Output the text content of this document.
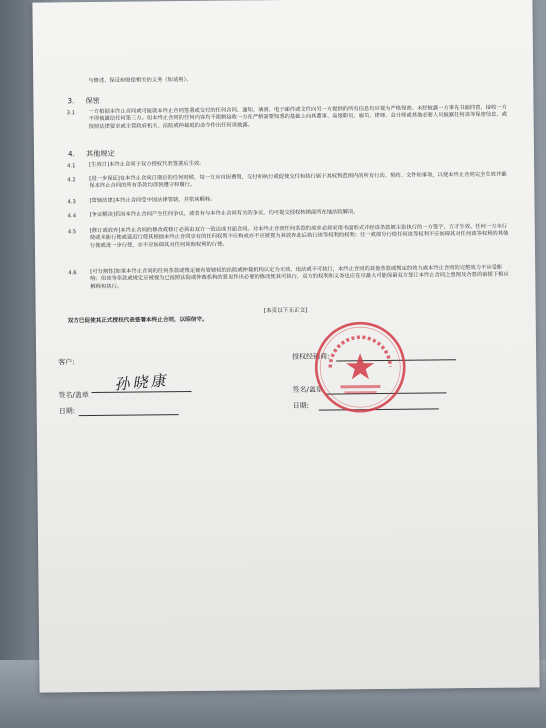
与修述、保证和赔偿相关的义务（如适用）。
3. 保密
3.1	一方根据本终止合同或可能就本终止合同签署或交付的任何合同、通知、请函、电子邮件或文件向另一方提供的所有信息均应视为严格保密。未经披露一方事先书面同意，接收一方不得披露给任何第三方。但本终止合同的任何内容均不限制接收一方在严格需要知悉的基础上向其董事、高级职员、雇员、律师、会计师或其他必要人员披露任何该等保密信息，或按照法律要求或主管政府机关、法院或仲裁庭的命令作出任何该披露。
4. 其他规定
4.1	[生效日]本终止合同于双方授权代表签署后生效。
4.2	[进一步保证]在本终止合同日期后的任何时候，每一方应自担费用，交付和执行或促使交付和执行属于其权利范围内的所有行动、契约、文件和事项，以使本终止合同完全生效并确保本终止合同的所有条款均得到遵守和履行。
4.3	[管辖法律]本终止合同受中国法律管辖，并依其解释。
4.4	[争议解决]若因本终止合同产生任何争议，或者有与本终止合同有关的争议，均可提交授权核销部所在地法院解决。
4.5	[修订或放弃]本终止合同的修改或修订必须由双方一致达成书面合同。对本终止合同任何条款的放弃必须采用书面形式并经该条款被主张执行的一方签字，方才生效。任何一方未行使或未能行使或延迟行使其根据本终止合同享有的任何权利不应构成亦不应被视为其放弃此后执行该等权利的权利；任一或部分行使任何该等权利不应妨碍其对任何该等权利的其他行使或进一步行使，亦不应妨碍其对任何其他权利的行使。
4.6	[可分割性]如果本终止合同的任何条款或规定被有管辖权的法院或仲裁机构认定为无效、违法或不可执行，本终止合同的其他条款或规定的效力或本终止合同的完整效力不应受影响；但该等条款或规定应被视为已按照法院或仲裁机构的意见作出必要的修改使其可执行，双方的权利和义务也应在尽最大可能保留双方签订本终止合同之意图及合意的前提下相应解释和执行。
[本页以下无正文]
双方已促使其正式授权代表签署本终止合同，以昭信守。
客户:
孙晓康
签名/盖章
日期:
授权经销商:
签名/盖章
日期:
